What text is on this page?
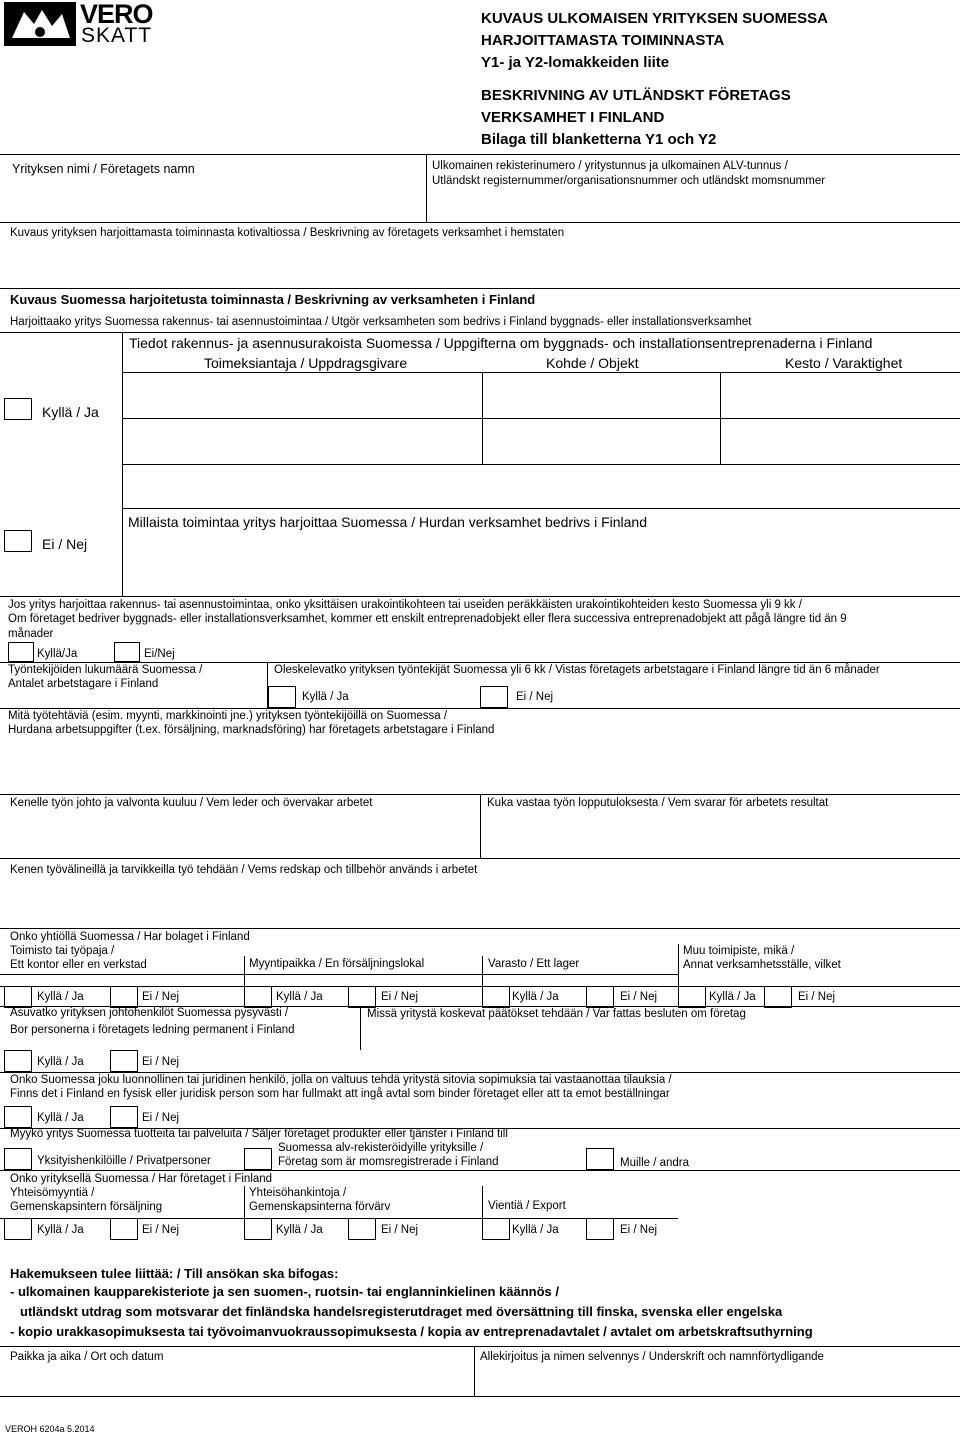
VERO
SKATT
KUVAUS ULKOMAISEN YRITYKSEN SUOMESSA
HARJOITTAMASTA TOIMINNASTA
Y1- ja Y2-lomakkeiden liite
BESKRIVNING AV UTLÄNDSKT FÖRETAGS
VERKSAMHET I FINLAND
Bilaga till blanketterna Y1 och Y2
Yrityksen nimi / Företagets namn	Ulkomainen rekisterinumero / yritystunnus ja ulkomainen ALV-tunnus /
Utländskt registernummer/organisationsnummer och utländskt momsnummer
Kuvaus yrityksen harjoittamasta toiminnasta kotivaltiossa / Beskrivning av företagets verksamhet i hemstaten
Kuvaus Suomessa harjoitetusta toiminnasta / Beskrivning av verksamheten i Finland
Harjoittaako yritys Suomessa rakennus- tai asennustoimintaa / Utgör verksamheten som bedrivs i Finland byggnads- eller installationsverksamhet
Tiedot rakennus- ja asennusurakoista Suomessa / Uppgifterna om byggnads- och installationsentreprenaderna i Finland
Toimeksiantaja / Uppdragsgivare	Kohde / Objekt	Kesto / Varaktighet
Kyllä / Ja
Ei / Nej
Millaista toimintaa yritys harjoittaa Suomessa / Hurdan verksamhet bedrivs i Finland
Jos yritys harjoittaa rakennus- tai asennustoimintaa, onko yksittäisen urakointikohteen tai useiden peräkkäisten urakointikohteiden kesto Suomessa yli 9 kk /
Om företaget bedriver byggnads- eller installationsverksamhet, kommer ett enskilt entreprenadobjekt eller flera successiva entreprenadobjekt att pågå längre tid än 9
månader
Kyllä/Ja	Ei/Nej
Työntekijöiden lukumäärä Suomessa /
Antalet arbetstagare i Finland
Oleskelevatko yrityksen työntekijät Suomessa yli 6 kk / Vistas företagets arbetstagare i Finland längre tid än 6 månader
Kyllä / Ja	Ei / Nej
Mitä työtehtäviä (esim. myynti, markkinointi jne.) yrityksen työntekijöillä on Suomessa /
Hurdana arbetsuppgifter (t.ex. försäljning, marknadsföring) har företagets arbetstagare i Finland
Kenelle työn johto ja valvonta kuuluu / Vem leder och övervakar arbetet	Kuka vastaa työn lopputuloksesta / Vem svarar för arbetets resultat
Kenen työvälineillä ja tarvikkeilla työ tehdään / Vems redskap och tillbehör används i arbetet
Onko yhtiöllä Suomessa / Har bolaget i Finland
Toimisto tai työpaja /
Ett kontor eller en verkstad	Myyntipaikka / En försäljningslokal	Varasto / Ett lager
Muu toimipiste, mikä /
Annat verksamhetsställe, vilket
Kyllä / Ja	Ei / Nej	Kyllä / Ja	Ei / Nej	Kyllä / Ja	Ei / Nej	Kyllä / Ja	Ei / Nej
Asuvatko yrityksen johtohenkilöt Suomessa pysyvästi /
Bor personerna i företagets ledning permanent i Finland
Missä yritystä koskevat päätökset tehdään / Var fattas besluten om företag
Kyllä / Ja	Ei / Nej
Onko Suomessa joku luonnollinen tai juridinen henkilö, jolla on valtuus tehdä yritystä sitovia sopimuksia tai vastaanottaa tilauksia /
Finns det i Finland en fysisk eller juridisk person som har fullmakt att ingå avtal som binder företaget eller att ta emot beställningar
Kyllä / Ja	Ei / Nej
Myykö yritys Suomessa tuotteita tai palveluita / Säljer företaget produkter eller tjänster i Finland till
Suomessa alv-rekisteröidyille yrityksille /
Yksityishenkilöille / Privatpersoner	Företag som är momsregistrerade i Finland	Muille / andra
Onko yrityksellä Suomessa / Har företaget i Finland
Yhteisömyyntiä /
Gemenskapsintern försäljning
Yhteisöhankintoja /
Gemenskapsinterna förvärv	Vientiä / Export
Kyllä / Ja	Ei / Nej	Kyllä / Ja	Ei / Nej	Kyllä / Ja	Ei / Nej
Hakemukseen tulee liittää: / Till ansökan ska bifogas:
- ulkomainen kaupparekisteriote ja sen suomen-, ruotsin- tai englanninkielinen käännös /
utländskt utdrag som motsvarar det finländska handelsregisterutdraget med översättning till finska, svenska eller engelska
- kopio urakkasopimuksesta tai työvoimanvuokraussopimuksesta / kopia av entreprenadavtalet / avtalet om arbetskraftsuthyrning
Paikka ja aika / Ort och datum	Allekirjoitus ja nimen selvennys / Underskrift och namnförtydligande
VEROH 6204a 5.2014
